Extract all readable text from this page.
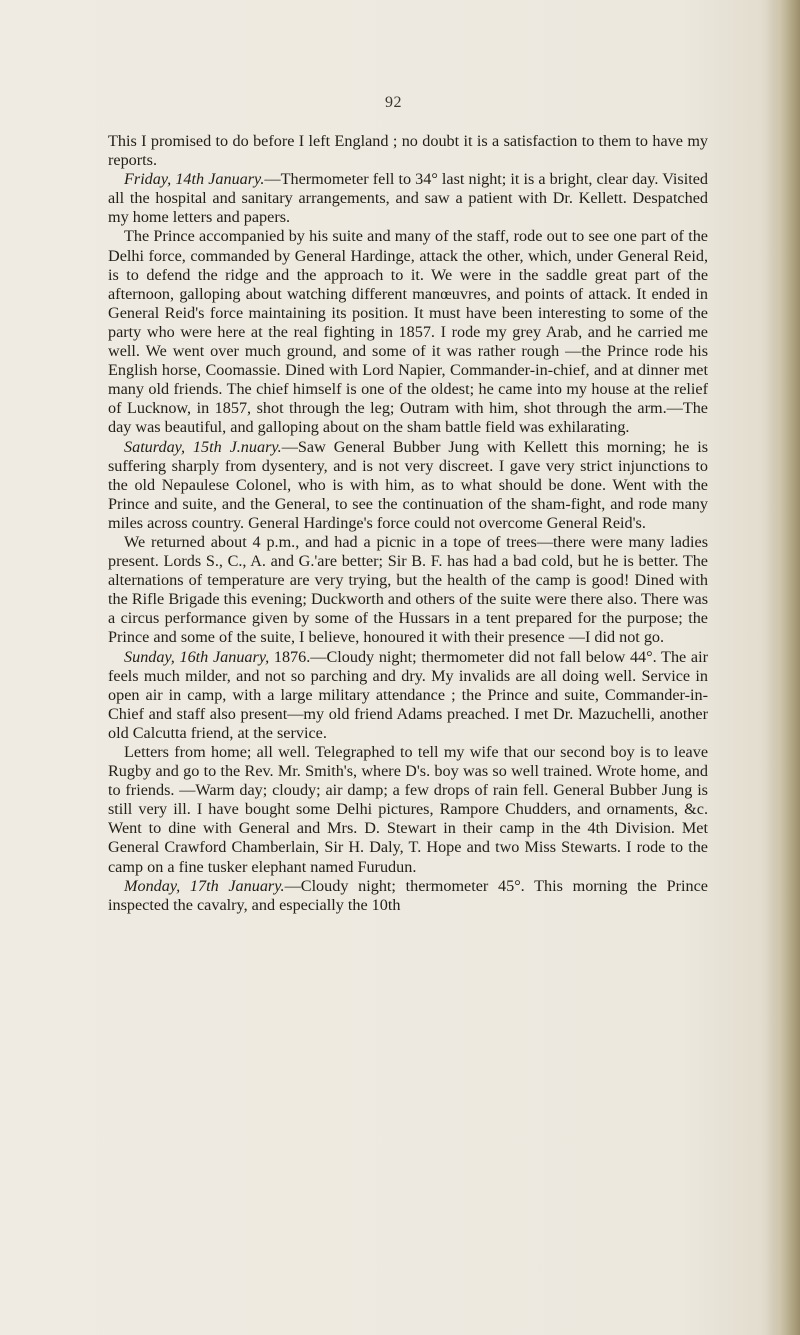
92

This I promised to do before I left England ; no doubt it is a satisfaction to them to have my reports.

Friday, 14th January.—Thermometer fell to 34° last night; it is a bright, clear day. Visited all the hospital and sanitary arrangements, and saw a patient with Dr. Kellett. Despatched my home letters and papers.

The Prince accompanied by his suite and many of the staff, rode out to see one part of the Delhi force, commanded by General Hardinge, attack the other, which, under General Reid, is to defend the ridge and the approach to it. We were in the saddle great part of the afternoon, galloping about watching different manœuvres, and points of attack. It ended in General Reid's force maintaining its position. It must have been interesting to some of the party who were here at the real fighting in 1857. I rode my grey Arab, and he carried me well. We went over much ground, and some of it was rather rough —the Prince rode his English horse, Coomassie. Dined with Lord Napier, Commander-in-chief, and at dinner met many old friends. The chief himself is one of the oldest; he came into my house at the relief of Lucknow, in 1857, shot through the leg; Outram with him, shot through the arm.—The day was beautiful, and galloping about on the sham battle field was exhilarating.

Saturday, 15th J.nuary.—Saw General Bubber Jung with Kellett this morning; he is suffering sharply from dysentery, and is not very discreet. I gave very strict injunctions to the old Nepaulese Colonel, who is with him, as to what should be done. Went with the Prince and suite, and the General, to see the continuation of the sham-fight, and rode many miles across country. General Hardinge's force could not overcome General Reid's.

We returned about 4 p.m., and had a picnic in a tope of trees—there were many ladies present. Lords S., C., A. and G.'are better; Sir B. F. has had a bad cold, but he is better. The alternations of temperature are very trying, but the health of the camp is good! Dined with the Rifle Brigade this evening; Duckworth and others of the suite were there also. There was a circus performance given by some of the Hussars in a tent prepared for the purpose; the Prince and some of the suite, I believe, honoured it with their presence —I did not go.

Sunday, 16th January, 1876.—Cloudy night; thermometer did not fall below 44°. The air feels much milder, and not so parching and dry. My invalids are all doing well. Service in open air in camp, with a large military attendance ; the Prince and suite, Commander-in-Chief and staff also present—my old friend Adams preached. I met Dr. Mazuchelli, another old Calcutta friend, at the service.

Letters from home; all well. Telegraphed to tell my wife that our second boy is to leave Rugby and go to the Rev. Mr. Smith's, where D's. boy was so well trained. Wrote home, and to friends. —Warm day; cloudy; air damp; a few drops of rain fell. General Bubber Jung is still very ill. I have bought some Delhi pictures, Rampore Chudders, and ornaments, &c. Went to dine with General and Mrs. D. Stewart in their camp in the 4th Division. Met General Crawford Chamberlain, Sir H. Daly, T. Hope and two Miss Stewarts. I rode to the camp on a fine tusker elephant named Furudun.

Monday, 17th January.—Cloudy night; thermometer 45°. This morning the Prince inspected the cavalry, and especially the 10th
